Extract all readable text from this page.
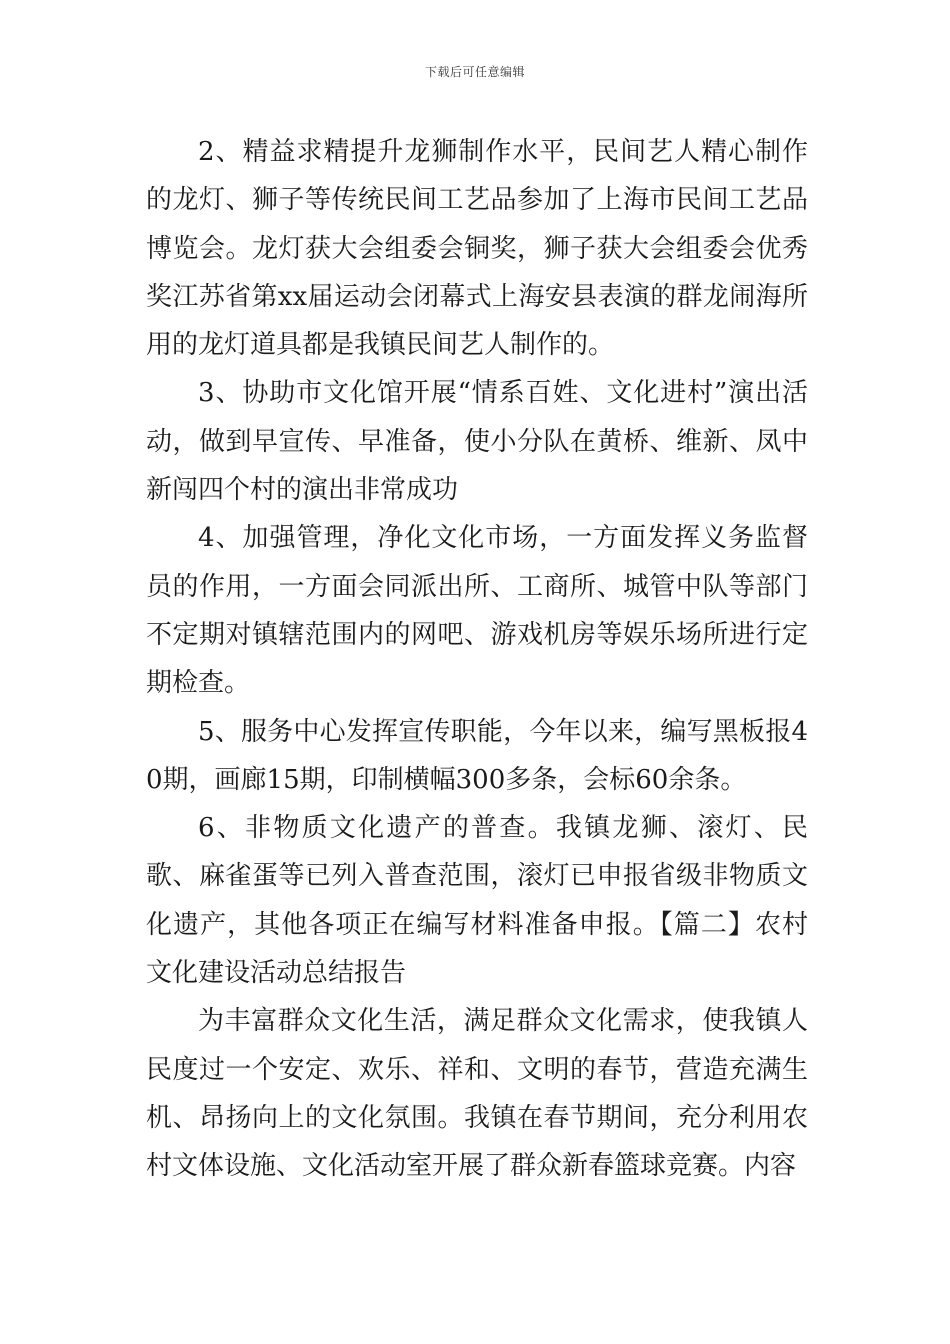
下载后可任意编辑

2、精益求精提升龙狮制作水平，民间艺人精心制作的龙灯、狮子等传统民间工艺品参加了上海市民间工艺品博览会。龙灯获大会组委会铜奖，狮子获大会组委会优秀奖江苏省第xx届运动会闭幕式上海安县表演的群龙闹海所用的龙灯道具都是我镇民间艺人制作的。

3、协助市文化馆开展“情系百姓、文化进村”演出活动，做到早宣传、早准备，使小分队在黄桥、维新、凤中新闯四个村的演出非常成功

4、加强管理，净化文化市场，一方面发挥义务监督员的作用，一方面会同派出所、工商所、城管中队等部门不定期对镇辖范围内的网吧、游戏机房等娱乐场所进行定期检查。

5、服务中心发挥宣传职能，今年以来，编写黑板报40期，画廊15期，印制横幅300多条，会标60余条。

6、非物质文化遗产的普查。我镇龙狮、滚灯、民歌、麻雀蛋等已列入普查范围，滚灯已申报省级非物质文化遗产，其他各项正在编写材料准备申报。【篇二】农村文化建设活动总结报告

为丰富群众文化生活，满足群众文化需求，使我镇人民度过一个安定、欢乐、祥和、文明的春节，营造充满生机、昂扬向上的文化氛围。我镇在春节期间，充分利用农村文体设施、文化活动室开展了群众新春篮球竞赛。内容
